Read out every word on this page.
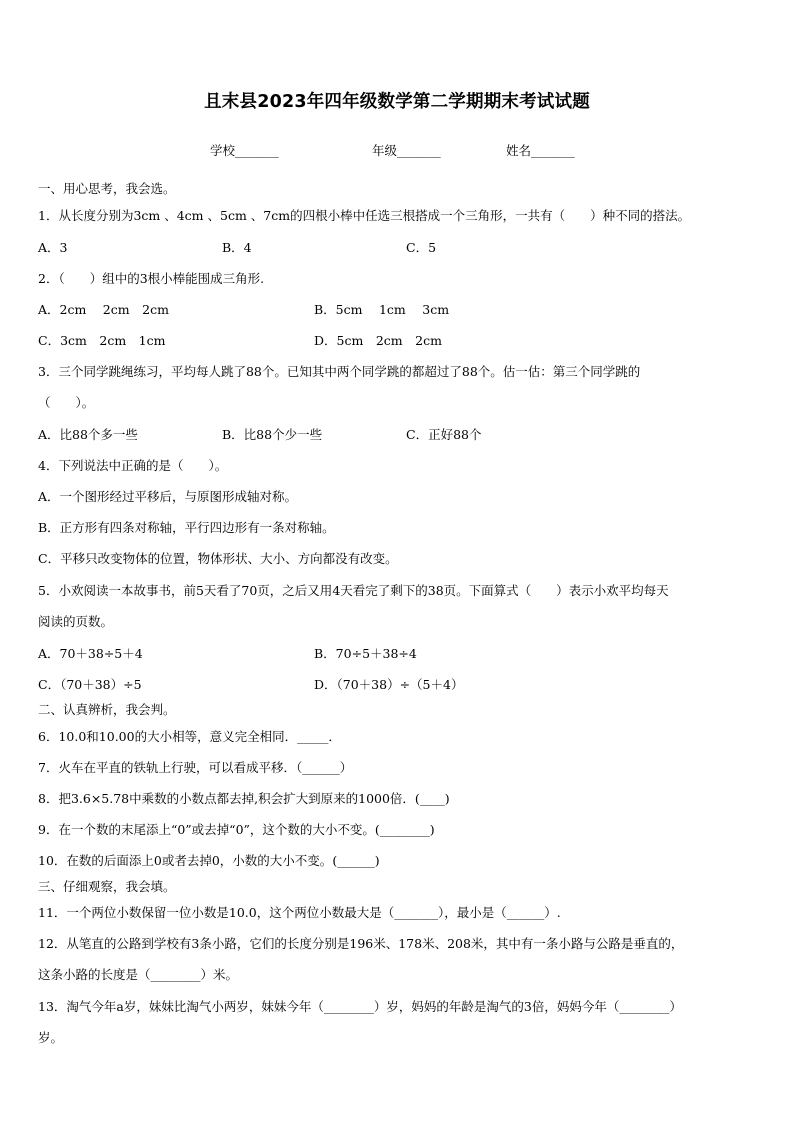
且末县2023年四年级数学第二学期期末考试试题
学校_______	年级_______	姓名_______
一、用心思考，我会选。
1．从长度分别为3cm 、4cm 、5cm 、7cm的四根小棒中任选三根搭成一个三角形，一共有（　　）种不同的搭法。
A．3	B．4	C．5
2．（　　）组中的3根小棒能围成三角形.
A．2cm　 2cm　2cm	B．5cm　 1cm　 3cm
C．3cm　2cm　1cm	D．5cm　2cm　2cm
3．三个同学跳绳练习，平均每人跳了88个。已知其中两个同学跳的都超过了88个。估一估：第三个同学跳的
（　　）。
A．比88个多一些	B．比88个少一些	C．正好88个
4．下列说法中正确的是（　　）。
A．一个图形经过平移后，与原图形成轴对称。
B．正方形有四条对称轴，平行四边形有一条对称轴。
C．平移只改变物体的位置，物体形状、大小、方向都没有改变。
5．小欢阅读一本故事书，前5天看了70页，之后又用4天看完了剩下的38页。下面算式（　　）表示小欢平均每天
阅读的页数。
A．70＋38÷5＋4	B．70÷5＋38÷4
C．（70＋38）÷5	D．（70＋38）÷（5＋4）
二、认真辨析，我会判。
6．10.0和10.00的大小相等，意义完全相同．_____．
7．火车在平直的铁轨上行驶，可以看成平移．（______）
8．把3.6×5.78中乘数的小数点都去掉,积会扩大到原来的1000倍．(____)
9．在一个数的末尾添上“0”或去掉“0”，这个数的大小不变。(________)
10．在数的后面添上0或者去掉0，小数的大小不变。(______)
三、仔细观察，我会填。
11．一个两位小数保留一位小数是10.0，这个两位小数最大是（_______），最小是（______）.
12．从笔直的公路到学校有3条小路，它们的长度分别是196米、178米、208米，其中有一条小路与公路是垂直的，
这条小路的长度是（________）米。
13．淘气今年a岁，妹妹比淘气小两岁，妹妹今年（________）岁，妈妈的年龄是淘气的3倍，妈妈今年（________）
岁。
